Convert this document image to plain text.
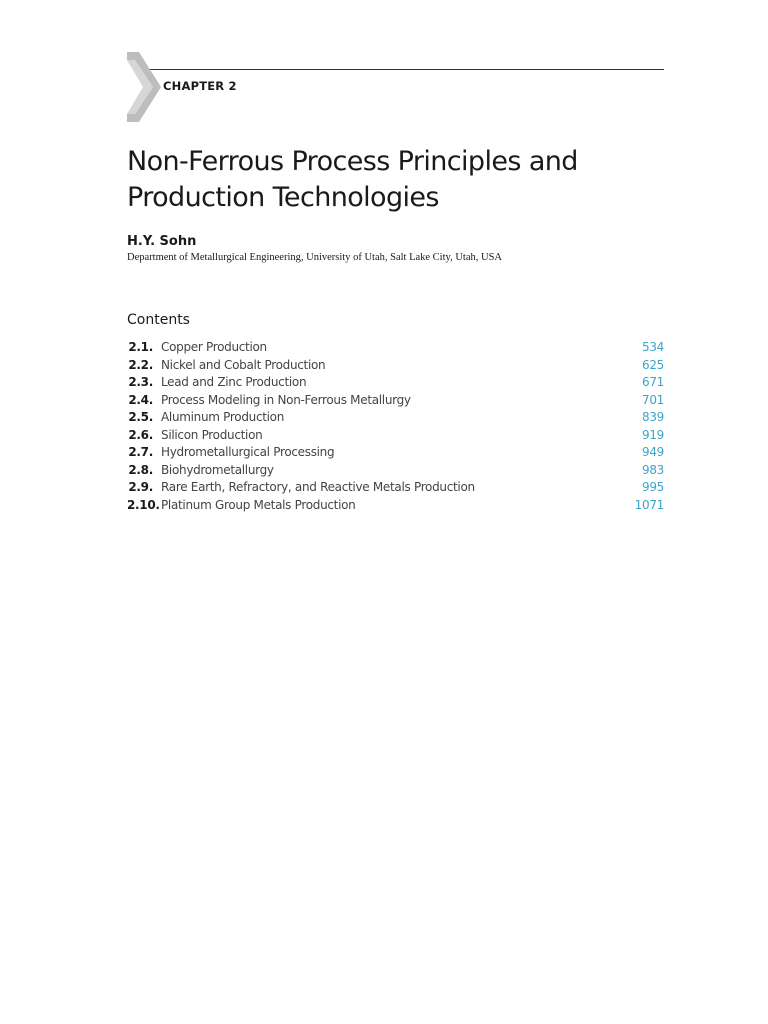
CHAPTER 2
Non-Ferrous Process Principles and Production Technologies
H.Y. Sohn
Department of Metallurgical Engineering, University of Utah, Salt Lake City, Utah, USA
Contents
2.1. Copper Production	534
2.2. Nickel and Cobalt Production	625
2.3. Lead and Zinc Production	671
2.4. Process Modeling in Non-Ferrous Metallurgy	701
2.5. Aluminum Production	839
2.6. Silicon Production	919
2.7. Hydrometallurgical Processing	949
2.8. Biohydrometallurgy	983
2.9. Rare Earth, Refractory, and Reactive Metals Production	995
2.10. Platinum Group Metals Production	1071
